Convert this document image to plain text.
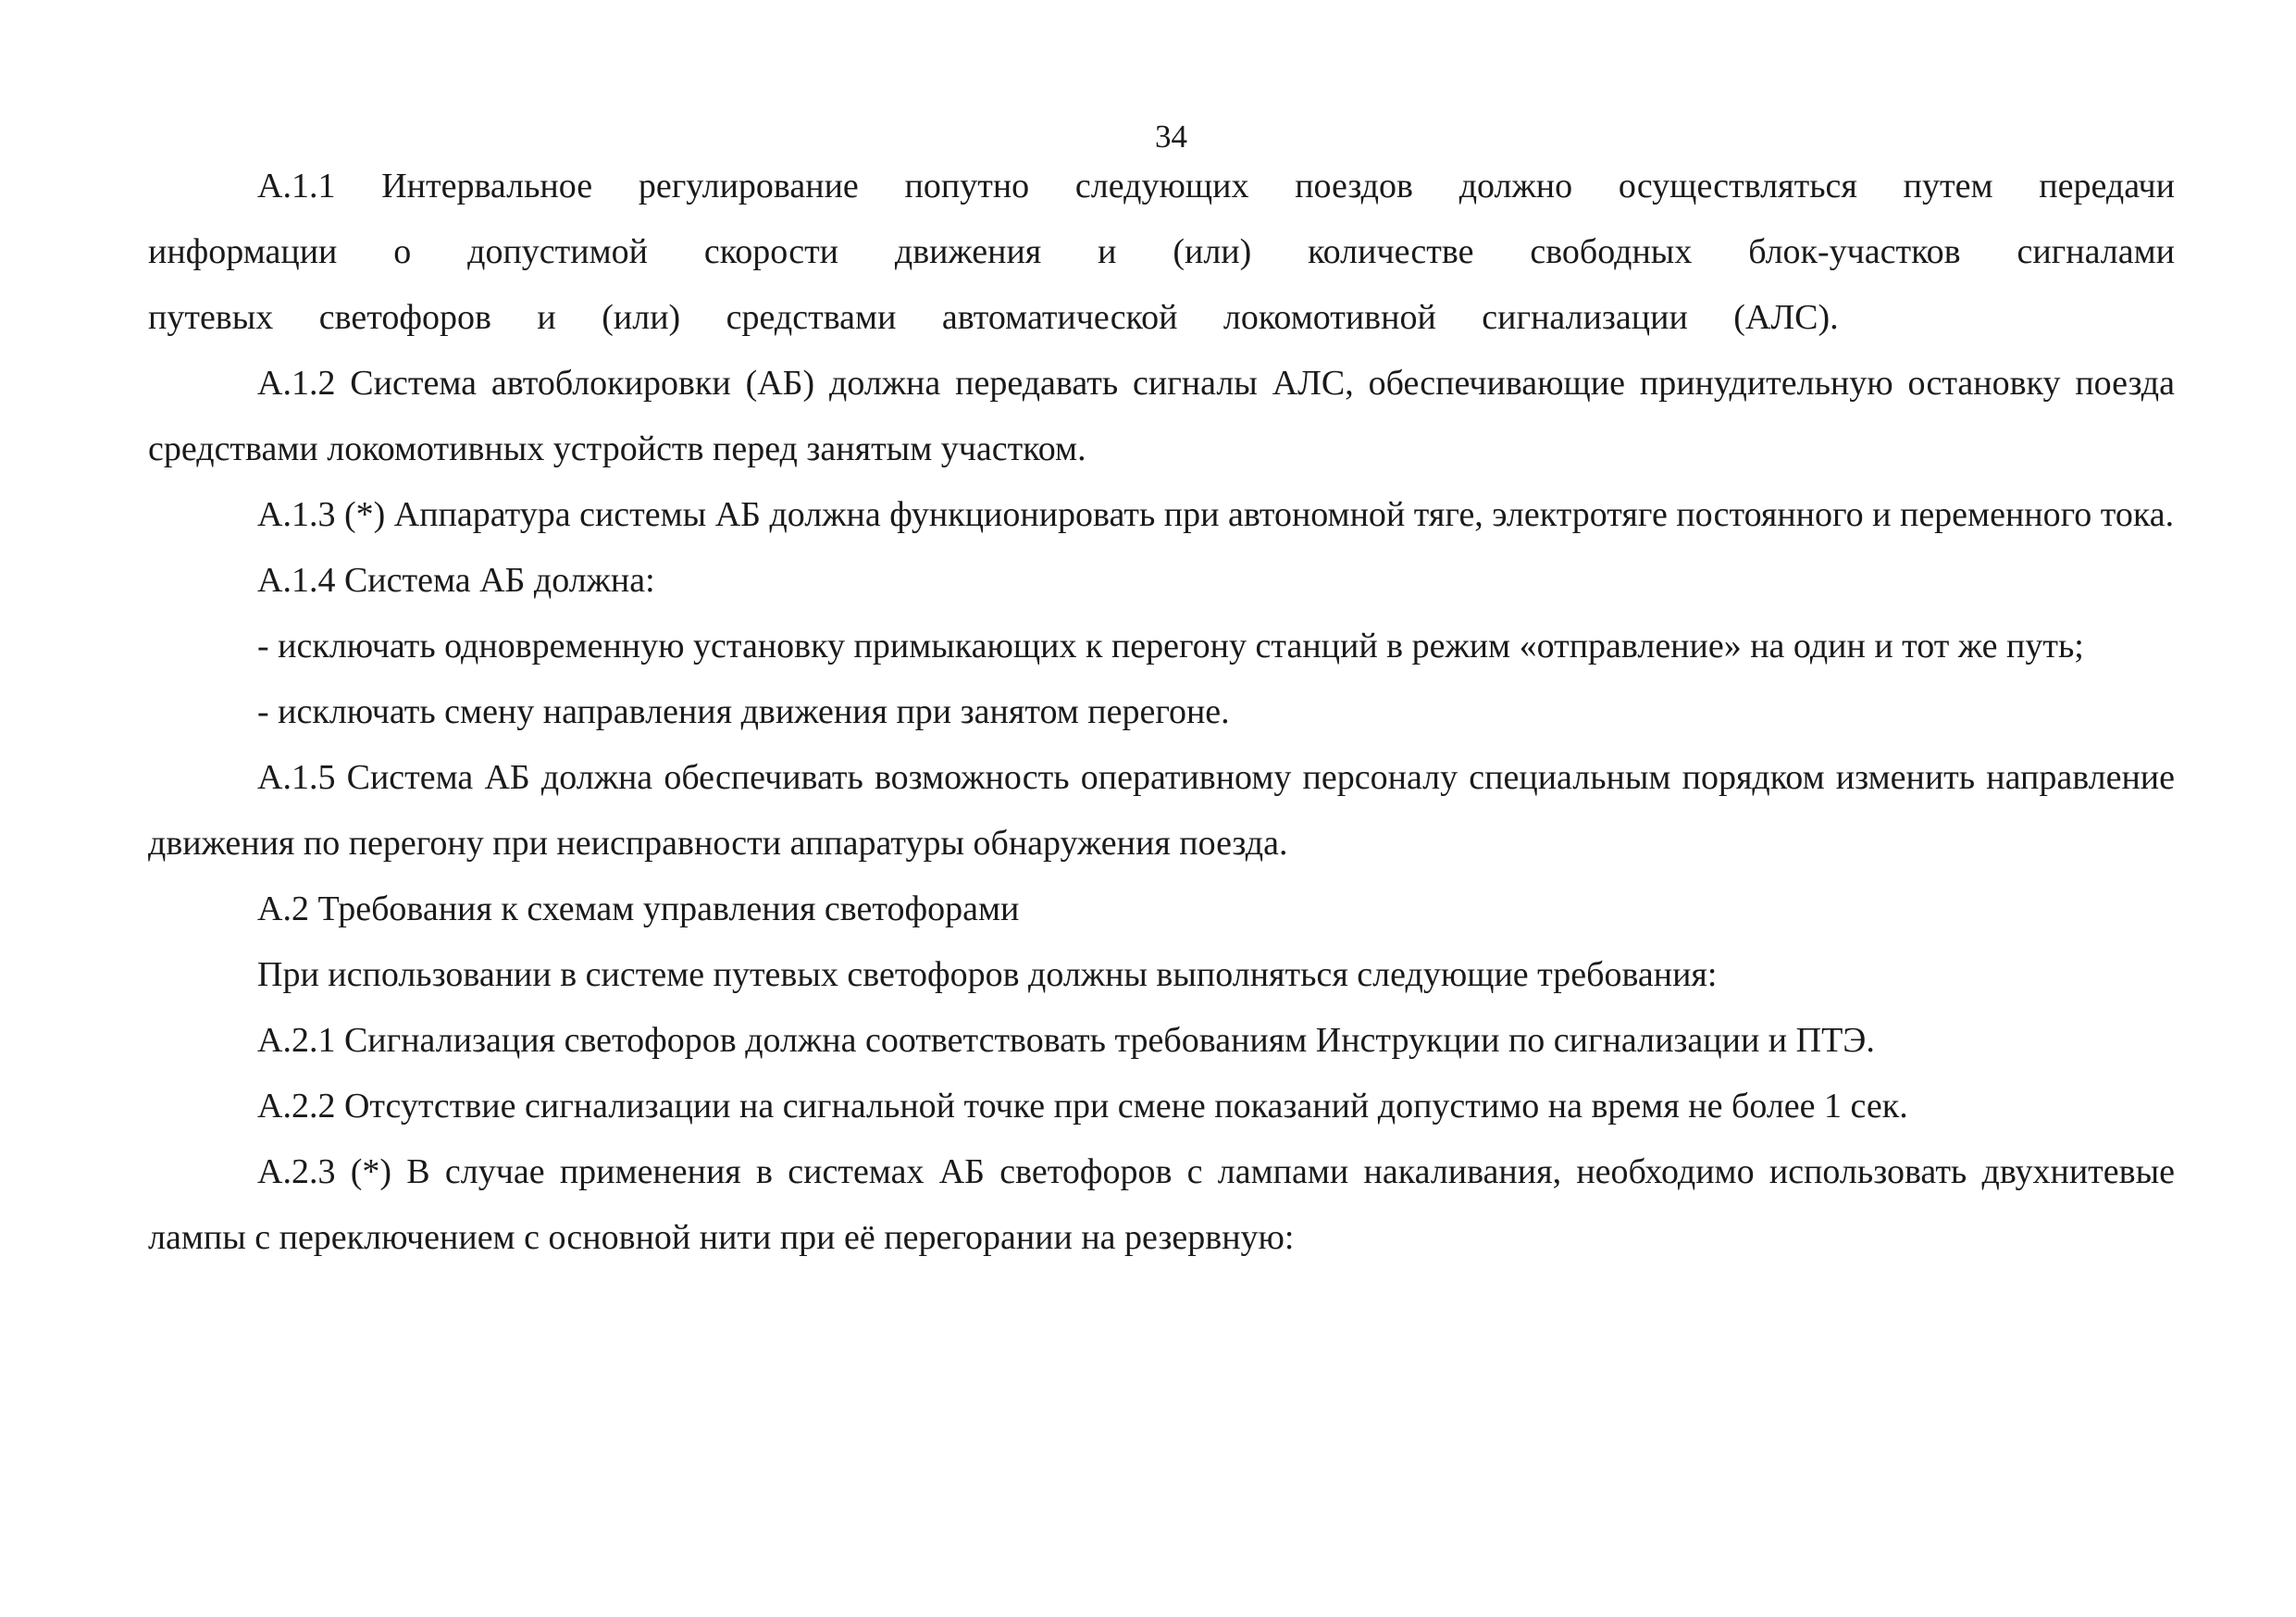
34

А.1.1 Интервальное регулирование попутно следующих поездов должно осуществляться путем передачи информации о допустимой скорости движения и (или) количестве свободных блок-участков сигналами путевых светофоров и (или) средствами автоматической локомотивной сигнализации (АЛС).

А.1.2 Система автоблокировки (АБ) должна передавать сигналы АЛС, обеспечивающие принудительную остановку поезда средствами локомотивных устройств перед занятым участком.

А.1.3 (*) Аппаратура системы АБ должна функционировать при автономной тяге, электротяге постоянного и переменного тока.

А.1.4 Система АБ должна:

- исключать одновременную установку примыкающих к перегону станций в режим «отправление» на один и тот же путь;

- исключать смену направления движения при занятом перегоне.

А.1.5 Система АБ должна обеспечивать возможность оперативному персоналу специальным порядком изменить направление движения по перегону при неисправности аппаратуры обнаружения поезда.

А.2 Требования к схемам управления светофорами

При использовании в системе путевых светофоров должны выполняться следующие требования:

А.2.1 Сигнализация светофоров должна соответствовать требованиям Инструкции по сигнализации и ПТЭ.

А.2.2 Отсутствие сигнализации на сигнальной точке при смене показаний допустимо на время не более 1 сек.

А.2.3 (*) В случае применения в системах АБ светофоров с лампами накаливания, необходимо использовать двухнитевые лампы с переключением с основной нити при её перегорании на резервную:
